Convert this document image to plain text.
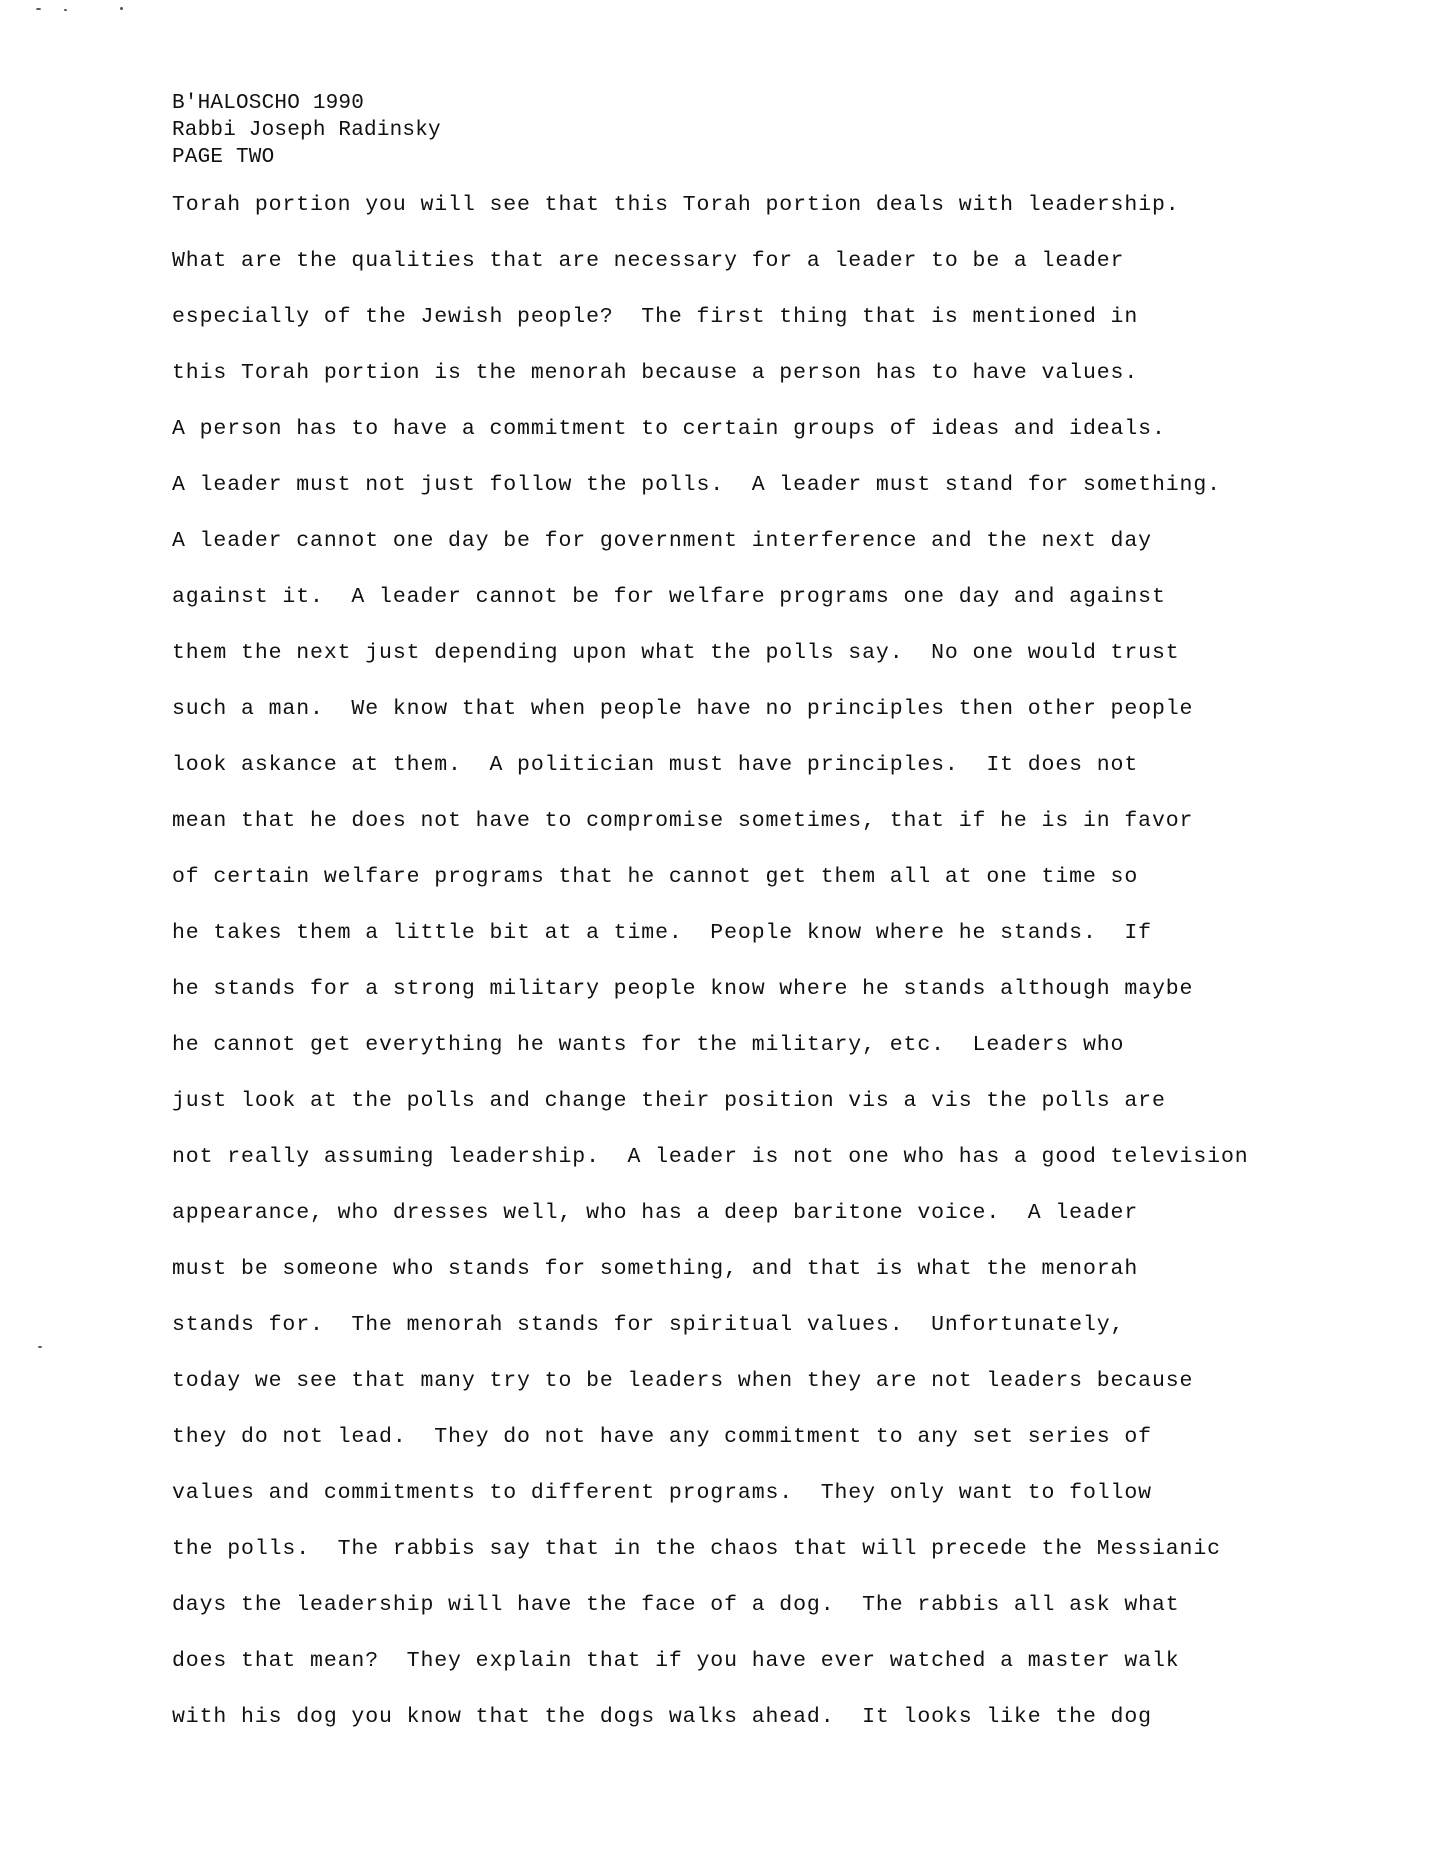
B'HALOSCHO 1990
Rabbi Joseph Radinsky
PAGE TWO
Torah portion you will see that this Torah portion deals with leadership.
What are the qualities that are necessary for a leader to be a leader
especially of the Jewish people?  The first thing that is mentioned in
this Torah portion is the menorah because a person has to have values.
A person has to have a commitment to certain groups of ideas and ideals.
A leader must not just follow the polls.  A leader must stand for something.
A leader cannot one day be for government interference and the next day
against it.  A leader cannot be for welfare programs one day and against
them the next just depending upon what the polls say.  No one would trust
such a man.  We know that when people have no principles then other people
look askance at them.  A politician must have principles.  It does not
mean that he does not have to compromise sometimes, that if he is in favor
of certain welfare programs that he cannot get them all at one time so
he takes them a little bit at a time.  People know where he stands.  If
he stands for a strong military people know where he stands although maybe
he cannot get everything he wants for the military, etc.  Leaders who
just look at the polls and change their position vis a vis the polls are
not really assuming leadership.  A leader is not one who has a good television
appearance, who dresses well, who has a deep baritone voice.  A leader
must be someone who stands for something, and that is what the menorah
stands for.  The menorah stands for spiritual values.  Unfortunately,
today we see that many try to be leaders when they are not leaders because
they do not lead.  They do not have any commitment to any set series of
values and commitments to different programs.  They only want to follow
the polls.  The rabbis say that in the chaos that will precede the Messianic
days the leadership will have the face of a dog.  The rabbis all ask what
does that mean?  They explain that if you have ever watched a master walk
with his dog you know that the dogs walks ahead.  It looks like the dog
